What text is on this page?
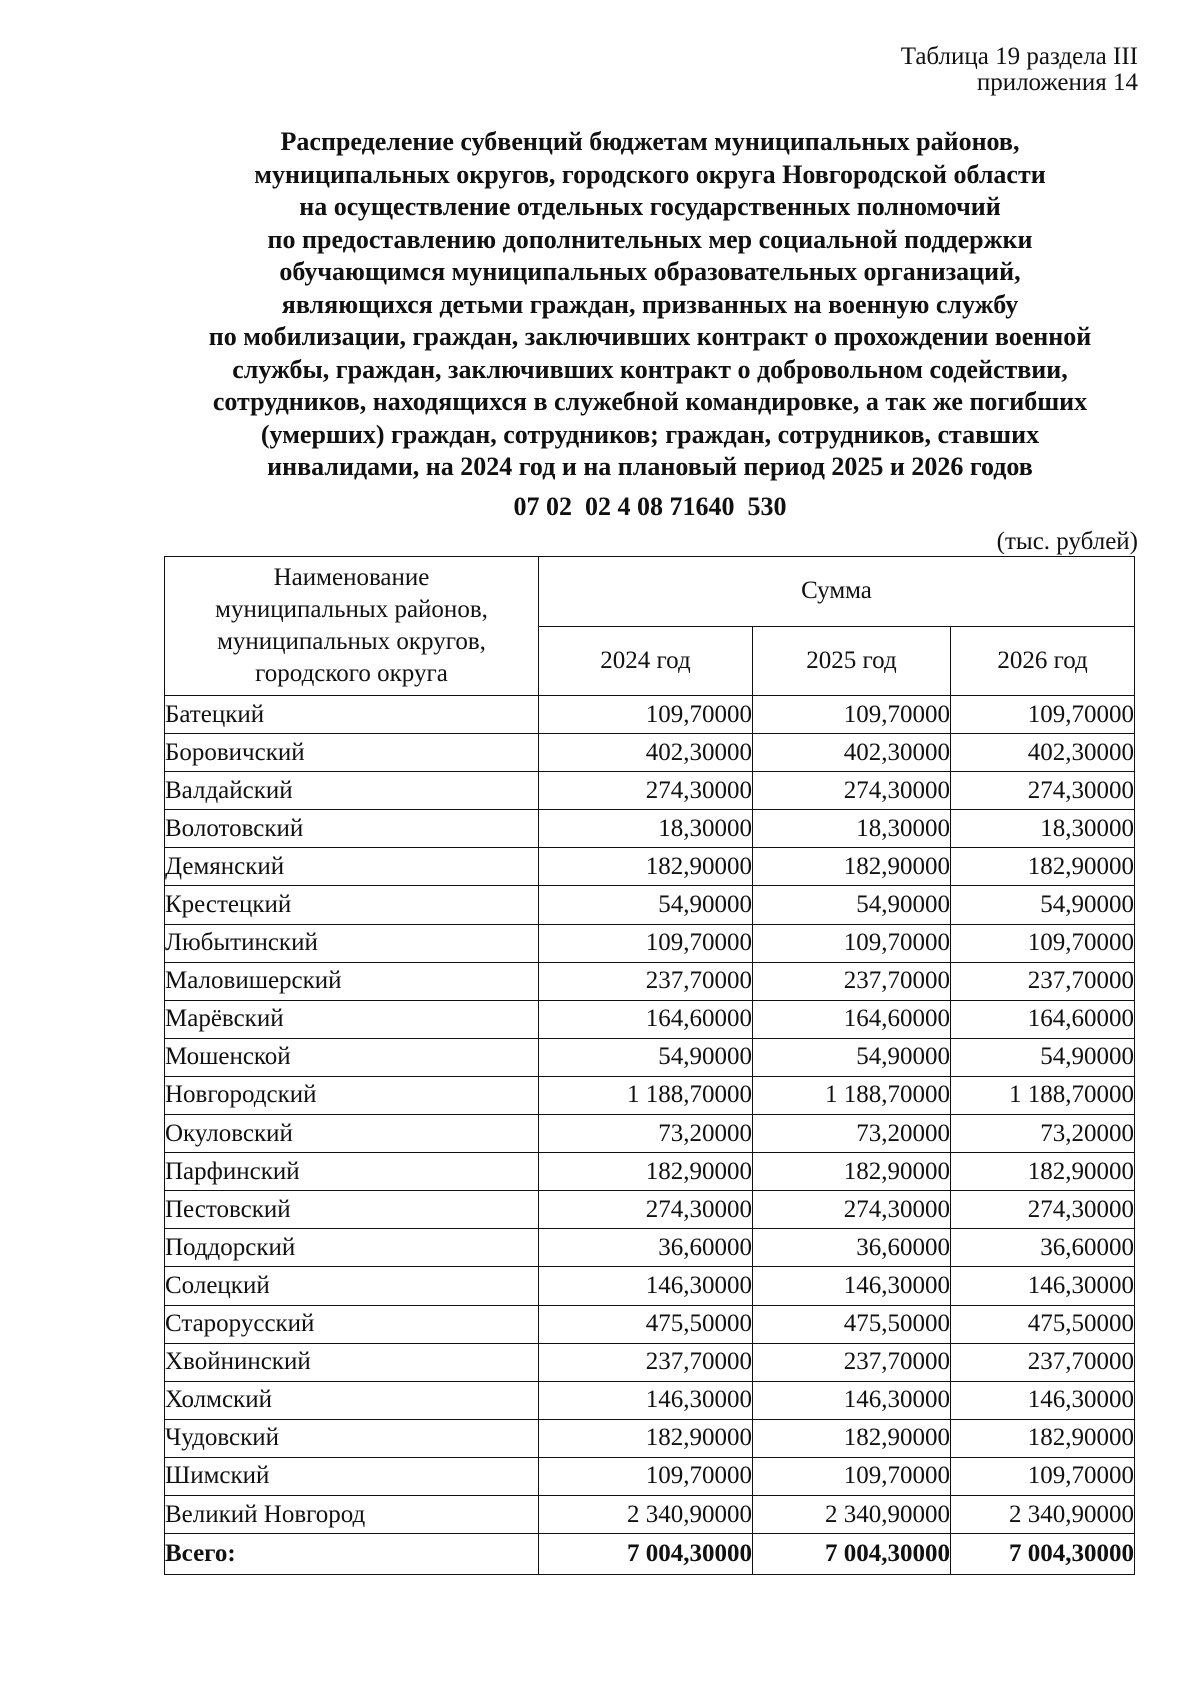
Таблица 19 раздела III
приложения 14
Распределение субвенций бюджетам муниципальных районов,
муниципальных округов, городского округа Новгородской области
на осуществление отдельных государственных полномочий
по предоставлению дополнительных мер социальной поддержки
обучающимся муниципальных образовательных организаций,
являющихся детьми граждан, призванных на военную службу
по мобилизации, граждан, заключивших контракт о прохождении военной
службы, граждан, заключивших контракт о добровольном содействии,
сотрудников, находящихся в служебной командировке, а так же погибших
(умерших) граждан, сотрудников; граждан, сотрудников, ставших
инвалидами, на 2024 год и на плановый период 2025 и 2026 годов
07 02  02 4 08 71640  530
(тыс. рублей)
Наименование
муниципальных районов,
муниципальных округов,
городского округа	Сумма		
	2024 год	2025 год	2026 год
Батецкий	109,70000	109,70000	109,70000
Боровичский	402,30000	402,30000	402,30000
Валдайский	274,30000	274,30000	274,30000
Волотовский	18,30000	18,30000	18,30000
Демянский	182,90000	182,90000	182,90000
Крестецкий	54,90000	54,90000	54,90000
Любытинский	109,70000	109,70000	109,70000
Маловишерский	237,70000	237,70000	237,70000
Марёвский	164,60000	164,60000	164,60000
Мошенской	54,90000	54,90000	54,90000
Новгородский	1 188,70000	1 188,70000	1 188,70000
Окуловский	73,20000	73,20000	73,20000
Парфинский	182,90000	182,90000	182,90000
Пестовский	274,30000	274,30000	274,30000
Поддорский	36,60000	36,60000	36,60000
Солецкий	146,30000	146,30000	146,30000
Старорусский	475,50000	475,50000	475,50000
Хвойнинский	237,70000	237,70000	237,70000
Холмский	146,30000	146,30000	146,30000
Чудовский	182,90000	182,90000	182,90000
Шимский	109,70000	109,70000	109,70000
Великий Новгород	2 340,90000	2 340,90000	2 340,90000
Всего:	7 004,30000	7 004,30000	7 004,30000
